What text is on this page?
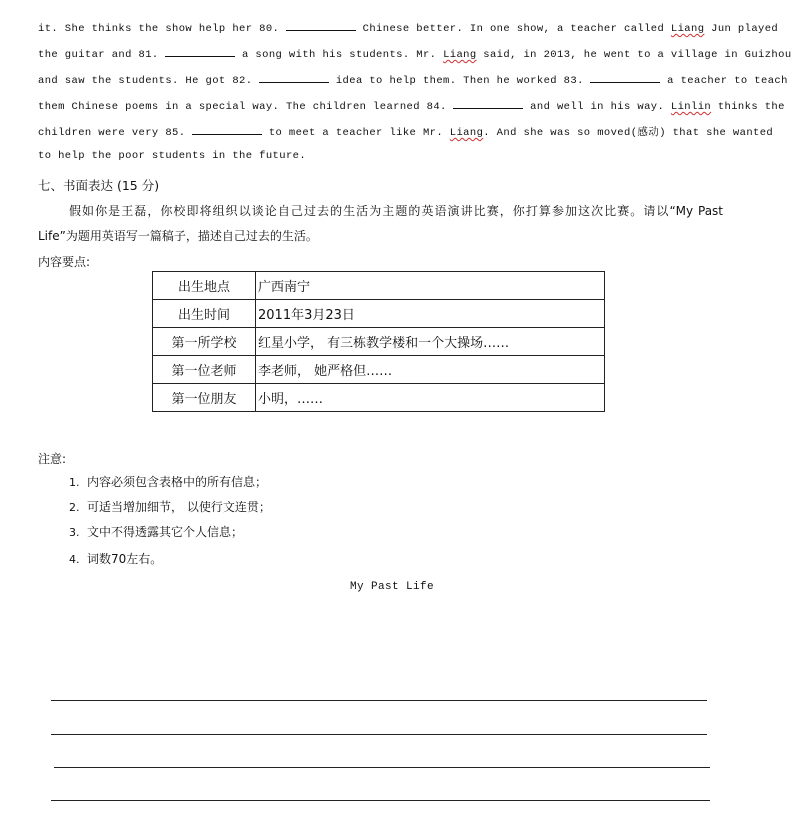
it. She thinks the show help her 80.	Chinese better. In one show, a teacher called Liang Jun played
the guitar and 81.	a song with his students. Mr. Liang said, in 2013, he went to a village in Guizhou
and saw the students. He got 82.	idea to help them. Then he worked 83.	a teacher to teach
them Chinese poems in a special way. The children learned 84.	and well in his way. Linlin thinks the
children were very 85.	to meet a teacher like Mr. Liang. And she was so moved(感动) that she wanted
to help the poor students in the future.
七、书面表达 (15 分)
假如你是王磊，你校即将组织以谈论自己过去的生活为主题的英语演讲比赛，你打算参加这次比赛。请以“My Past
Life”为题用英语写一篇稿子，描述自己过去的生活。
内容要点:
出生地点	广西南宁
出生时间	2011年3月23日
第一所学校	红星小学， 有三栋教学楼和一个大操场……
第一位老师	李老师， 她严格但……
第一位朋友	小明，……
注意:
1. 内容必须包含表格中的所有信息；
2. 可适当增加细节， 以使行文连贯；
3. 文中不得透露其它个人信息；
4. 词数70左右。
My Past Life
